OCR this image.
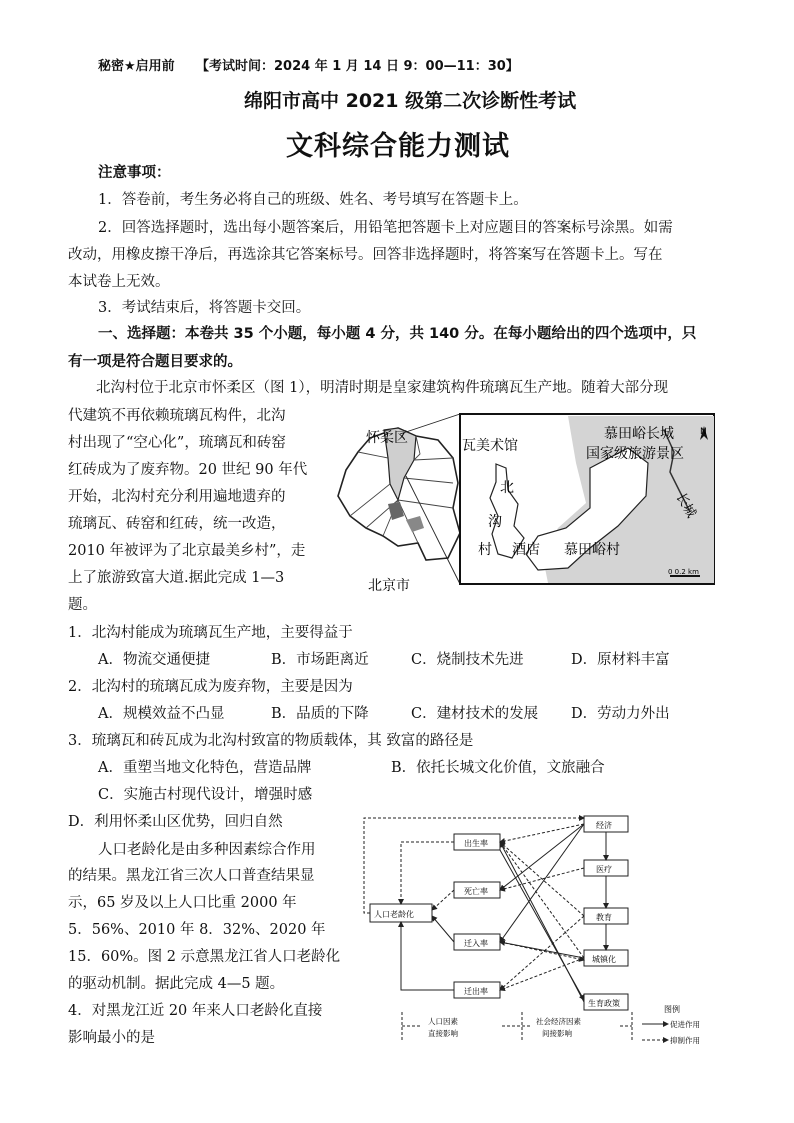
秘密★启用前 【考试时间：2024 年 1 月 14 日 9：00—11：30】
绵阳市高中 2021 级第二次诊断性考试
文科综合能力测试
注意事项：
1．答卷前，考生务必将自己的班级、姓名、考号填写在答题卡上。
2．回答选择题时，选出每小题答案后，用铅笔把答题卡上对应题目的答案标号涂黑。如需
改动，用橡皮擦干净后，再选涂其它答案标号。回答非选择题时，将答案写在答题卡上。写在
本试卷上无效。
3．考试结束后，将答题卡交回。
一、选择题：本卷共 35 个小题，每小题 4 分，共 140 分。在每小题给出的四个选项中，只
有一项是符合题目要求的。
北沟村位于北京市怀柔区（图 1），明清时期是皇家建筑构件琉璃瓦生产地。随着大部分现
代建筑不再依赖琉璃瓦构件，北沟
村出现了“空心化”，琉璃瓦和砖窑
红砖成为了废弃物。20 世纪 90 年代
开始，北沟村充分利用遍地遗弃的
琉璃瓦、砖窑和红砖，统一改造，
2010 年被评为了北京最美乡村”，走
上了旅游致富大道.据此完成 1—3
题。
怀柔区
北京市
瓦美术馆
慕田峪长城
国家级旅游景区
北
沟
村 酒店 慕田峪村
长城
N
0 0.2 km
1．北沟村能成为琉璃瓦生产地，主要得益于
A．物流交通便捷	B．市场距离近	C．烧制技术先进	D．原材料丰富
2．北沟村的琉璃瓦成为废弃物，主要是因为
A．规模效益不凸显	B．品质的下降	C．建材技术的发展 D．劳动力外出
3．琉璃瓦和砖瓦成为北沟村致富的物质载体，其 致富的路径是
A．重塑当地文化特色，营造品牌	B．依托长城文化价值，文旅融合
C．实施古村现代设计，增强时感
D．利用怀柔山区优势，回归自然
人口老龄化是由多种因素综合作用
的结果。黑龙江省三次人口普查结果显
示，65 岁及以上人口比重 2000 年
5．56%、2010 年 8．32%、2020 年
15．60%。图 2 示意黑龙江省人口老龄化
的驱动机制。据此完成 4—5 题。
4．对黑龙江近 20 年来人口老龄化直接
影响最小的是
人口老龄化
出生率
死亡率
迁入率
迁出率
经济
医疗
教育
城镇化
生育政策
人口因素
直接影响
社会经济因素
间接影响
图例
促进作用
抑制作用
